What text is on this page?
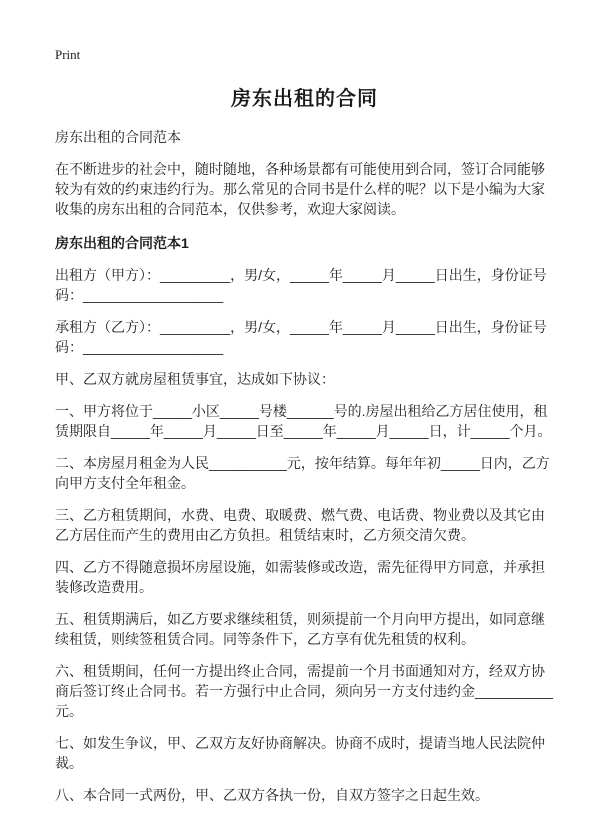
Print
房东出租的合同
房东出租的合同范本

在不断进步的社会中，随时随地，各种场景都有可能使用到合同，签订合同能够较为有效的约束违约行为。那么常见的合同书是什么样的呢？以下是小编为大家收集的房东出租的合同范本，仅供参考，欢迎大家阅读。

房东出租的合同范本1

出租方（甲方）：_________，男/女，_____年_____月_____日出生，身份证号码：__________________

承租方（乙方）：_________，男/女，_____年_____月_____日出生，身份证号码：__________________

甲、乙双方就房屋租赁事宜，达成如下协议：

一、甲方将位于_____小区_____号楼______号的.房屋出租给乙方居住使用，租赁期限自_____年_____月_____日至_____年_____月_____日，计_____个月。

二、本房屋月租金为人民__________元，按年结算。每年年初_____日内，乙方向甲方支付全年租金。

三、乙方租赁期间，水费、电费、取暖费、燃气费、电话费、物业费以及其它由乙方居住而产生的费用由乙方负担。租赁结束时，乙方须交清欠费。

四、乙方不得随意损坏房屋设施，如需装修或改造，需先征得甲方同意，并承担装修改造费用。

五、租赁期满后，如乙方要求继续租赁，则须提前一个月向甲方提出，如同意继续租赁，则续签租赁合同。同等条件下，乙方享有优先租赁的权利。

六、租赁期间，任何一方提出终止合同，需提前一个月书面通知对方，经双方协商后签订终止合同书。若一方强行中止合同，须向另一方支付违约金__________元。

七、如发生争议，甲、乙双方友好协商解决。协商不成时，提请当地人民法院仲裁。

八、本合同一式两份，甲、乙双方各执一份，自双方签字之日起生效。
